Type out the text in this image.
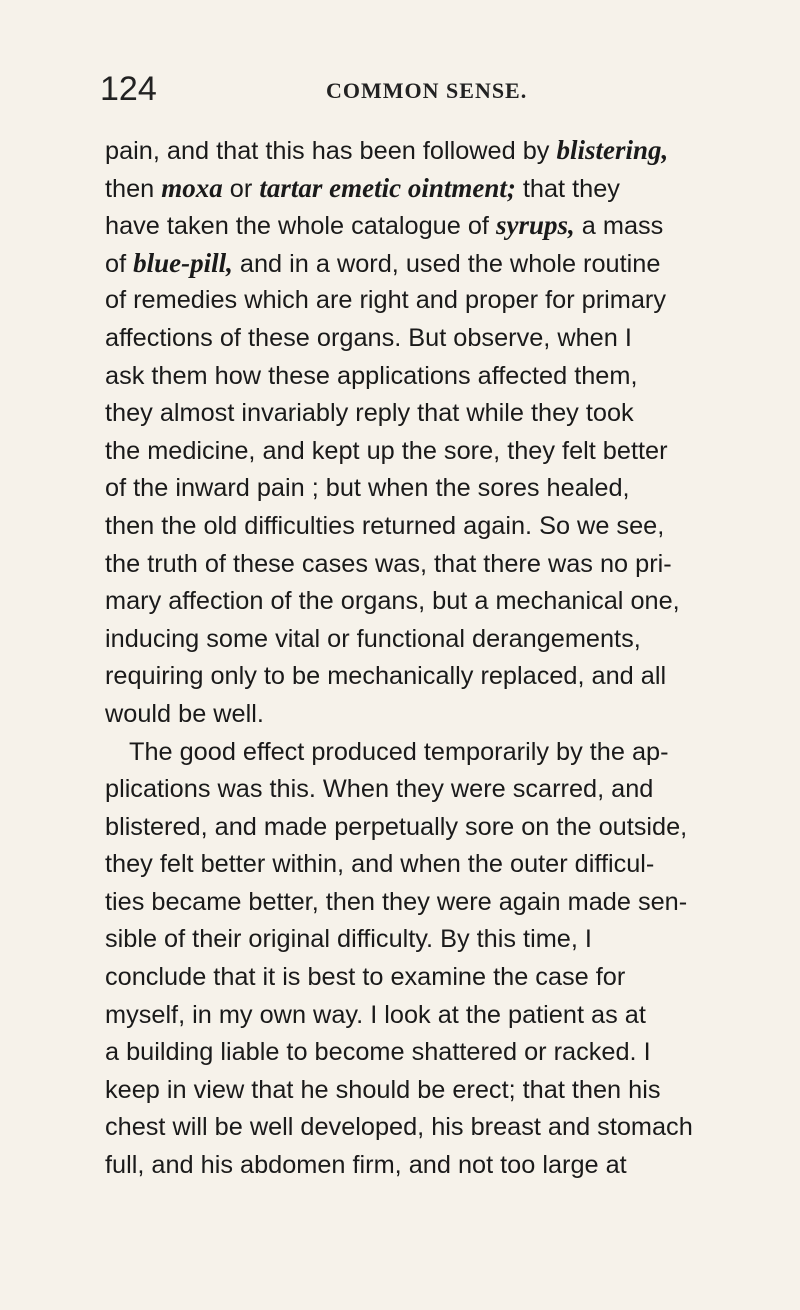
124	COMMON SENSE.
pain, and that this has been followed by blistering,
then moxa or tartar emetic ointment; that they
have taken the whole catalogue of syrups, a mass
of blue-pill, and in a word, used the whole routine
of remedies which are right and proper for primary
affections of these organs. But observe, when I
ask them how these applications affected them,
they almost invariably reply that while they took
the medicine, and kept up the sore, they felt better
of the inward pain ; but when the sores healed,
then the old difficulties returned again. So we see,
the truth of these cases was, that there was no pri-
mary affection of the organs, but a mechanical one,
inducing some vital or functional derangements,
requiring only to be mechanically replaced, and all
would be well.
The good effect produced temporarily by the ap-
plications was this. When they were scarred, and
blistered, and made perpetually sore on the outside,
they felt better within, and when the outer difficul-
ties became better, then they were again made sen-
sible of their original difficulty. By this time, I
conclude that it is best to examine the case for
myself, in my own way. I look at the patient as at
a building liable to become shattered or racked. I
keep in view that he should be erect; that then his
chest will be well developed, his breast and stomach
full, and his abdomen firm, and not too large at
